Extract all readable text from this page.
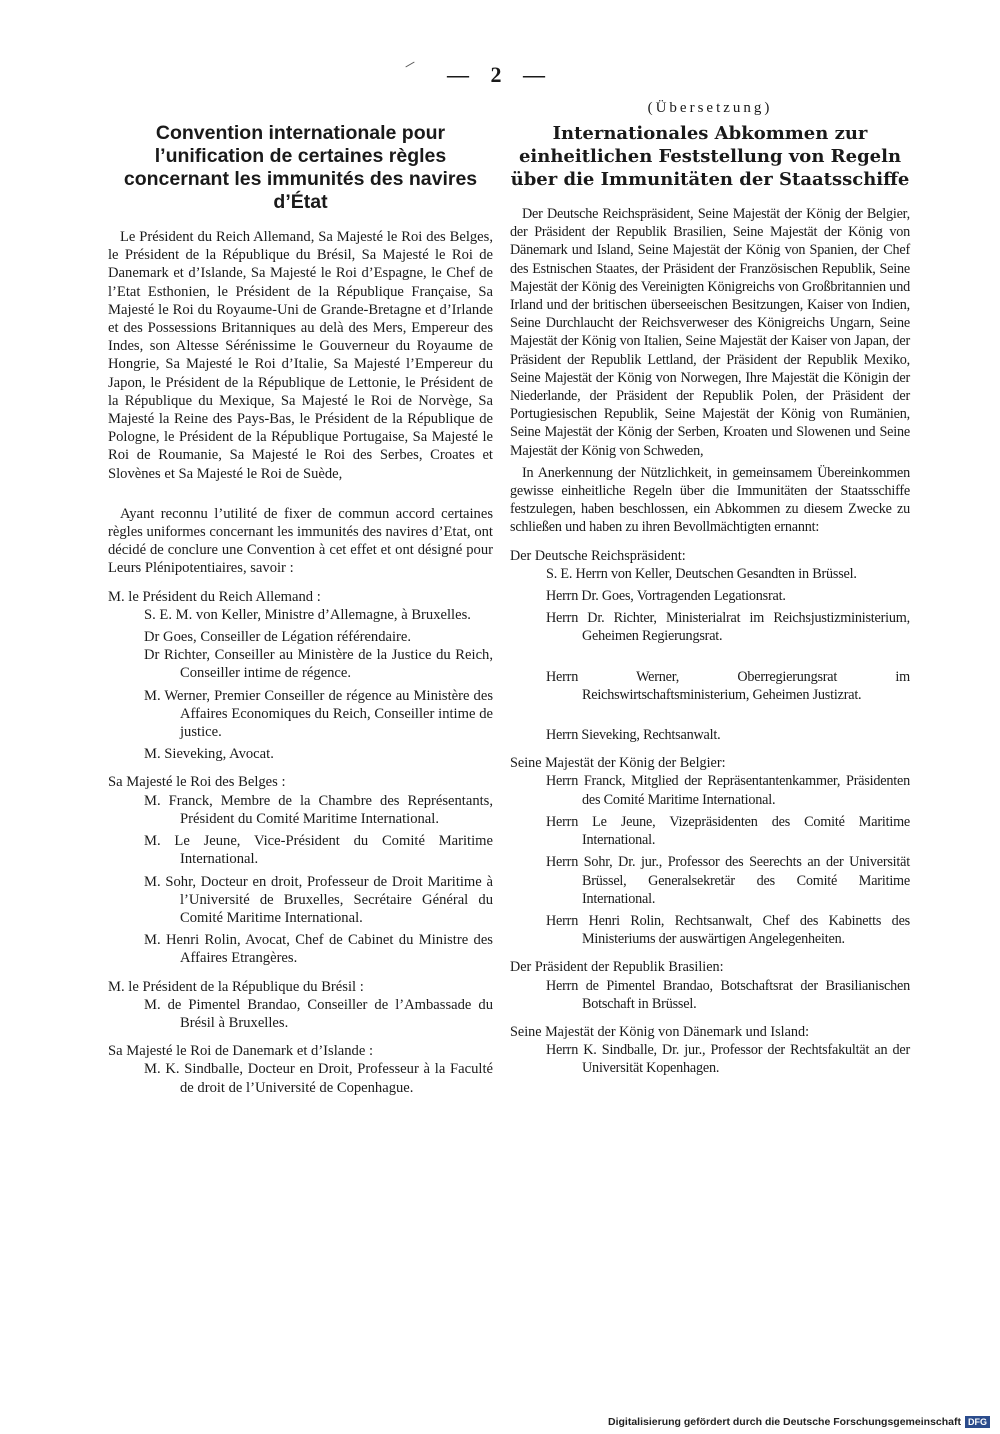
— 2 —
Convention internationale pour l’unification de certaines règles concernant les immunités des navires d’État

Le Président du Reich Allemand, Sa Majesté le Roi des Belges, le Président de la République du Brésil, Sa Majesté le Roi de Danemark et d’Islande, Sa Majesté le Roi d’Espagne, le Chef de l’Etat Esthonien, le Président de la République Française, Sa Majesté le Roi du Royaume-Uni de Grande-Bretagne et d’Irlande et des Possessions Britanniques au delà des Mers, Empereur des Indes, son Altesse Sérénissime le Gouverneur du Royaume de Hongrie, Sa Majesté le Roi d’Italie, Sa Majesté l’Empereur du Japon, le Président de la République de Lettonie, le Président de la République du Mexique, Sa Majesté le Roi de Norvège, Sa Majesté la Reine des Pays-Bas, le Président de la République de Pologne, le Président de la République Portugaise, Sa Majesté le Roi de Roumanie, Sa Majesté le Roi des Serbes, Croates et Slovènes et Sa Majesté le Roi de Suède,

Ayant reconnu l’utilité de fixer de commun accord certaines règles uniformes concernant les immunités des navires d’Etat, ont décidé de conclure une Convention à cet effet et ont désigné pour Leurs Plénipotentiaires, savoir :

M. le Président du Reich Allemand :

S. E. M. von Keller, Ministre d’Allemagne, à Bruxelles.

Dr Goes, Conseiller de Légation référendaire.

Dr Richter, Conseiller au Ministère de la Justice du Reich, Conseiller intime de régence.

M. Werner, Premier Conseiller de régence au Ministère des Affaires Economiques du Reich, Conseiller intime de justice.

M. Sieveking, Avocat.

Sa Majesté le Roi des Belges :

M. Franck, Membre de la Chambre des Représentants, Président du Comité Maritime International.

M. Le Jeune, Vice-Président du Comité Maritime International.

M. Sohr, Docteur en droit, Professeur de Droit Maritime à l’Université de Bruxelles, Secrétaire Général du Comité Maritime International.

M. Henri Rolin, Avocat, Chef de Cabinet du Ministre des Affaires Etrangères.

M. le Président de la République du Brésil :

M. de Pimentel Brandao, Conseiller de l’Ambassade du Brésil à Bruxelles.

Sa Majesté le Roi de Danemark et d’Islande :

M. K. Sindballe, Docteur en Droit, Professeur à la Faculté de droit de l’Université de Copenhague.

(Übersetzung)
Internationales Abkommen zur einheitlichen Feststellung von Regeln über die Immunitäten der Staatsschiffe

Der Deutsche Reichspräsident, Seine Majestät der König der Belgier, der Präsident der Republik Brasilien, Seine Majestät der König von Dänemark und Island, Seine Majestät der König von Spanien, der Chef des Estnischen Staates, der Präsident der Französischen Republik, Seine Majestät der König des Vereinigten Königreichs von Großbritannien und Irland und der britischen überseeischen Besitzungen, Kaiser von Indien, Seine Durchlaucht der Reichsverweser des Königreichs Ungarn, Seine Majestät der König von Italien, Seine Majestät der Kaiser von Japan, der Präsident der Republik Lettland, der Präsident der Republik Mexiko, Seine Majestät der König von Norwegen, Ihre Majestät die Königin der Niederlande, der Präsident der Republik Polen, der Präsident der Portugiesischen Republik, Seine Majestät der König von Rumänien, Seine Majestät der König der Serben, Kroaten und Slowenen und Seine Majestät der König von Schweden,

In Anerkennung der Nützlichkeit, in gemeinsamem Übereinkommen gewisse einheitliche Regeln über die Immunitäten der Staatsschiffe festzulegen, haben beschlossen, ein Abkommen zu diesem Zwecke zu schließen und haben zu ihren Bevollmächtigten ernannt:

Der Deutsche Reichspräsident:

S. E. Herrn von Keller, Deutschen Gesandten in Brüssel.

Herrn Dr. Goes, Vortragenden Legationsrat.

Herrn Dr. Richter, Ministerialrat im Reichsjustizministerium, Geheimen Regierungsrat.

Herrn Werner, Oberregierungsrat im Reichswirtschaftsministerium, Geheimen Justizrat.

Herrn Sieveking, Rechtsanwalt.

Seine Majestät der König der Belgier:

Herrn Franck, Mitglied der Repräsentantenkammer, Präsidenten des Comité Maritime International.

Herrn Le Jeune, Vizepräsidenten des Comité Maritime International.

Herrn Sohr, Dr. jur., Professor des Seerechts an der Universität Brüssel, Generalsekretär des Comité Maritime International.

Herrn Henri Rolin, Rechtsanwalt, Chef des Kabinetts des Ministeriums der auswärtigen Angelegenheiten.

Der Präsident der Republik Brasilien:

Herrn de Pimentel Brandao, Botschaftsrat der Brasilianischen Botschaft in Brüssel.

Seine Majestät der König von Dänemark und Island:

Herrn K. Sindballe, Dr. jur., Professor der Rechtsfakultät an der Universität Kopenhagen.

Digitalisierung gefördert durch die Deutsche Forschungsgemeinschaft DFG
